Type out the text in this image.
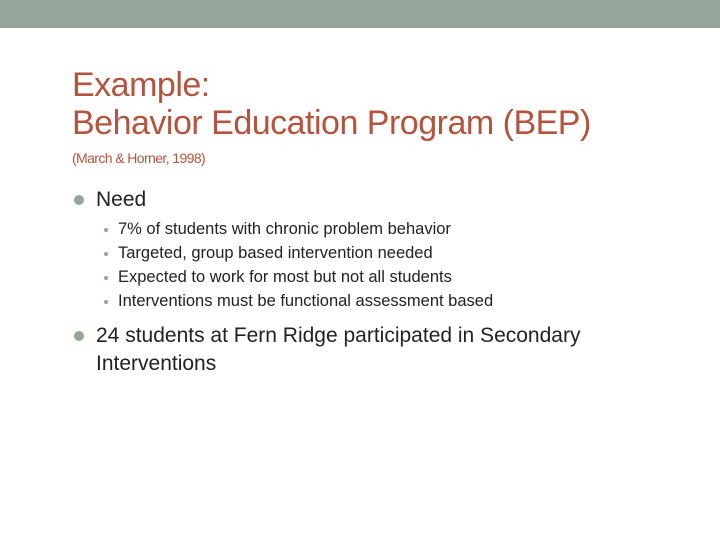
Example:
Behavior Education Program (BEP)
(March & Horner, 1998)
Need
7% of students with chronic problem behavior
Targeted, group based intervention needed
Expected to work for most but not all students
Interventions must be functional assessment based
24 students at Fern Ridge participated in Secondary Interventions
